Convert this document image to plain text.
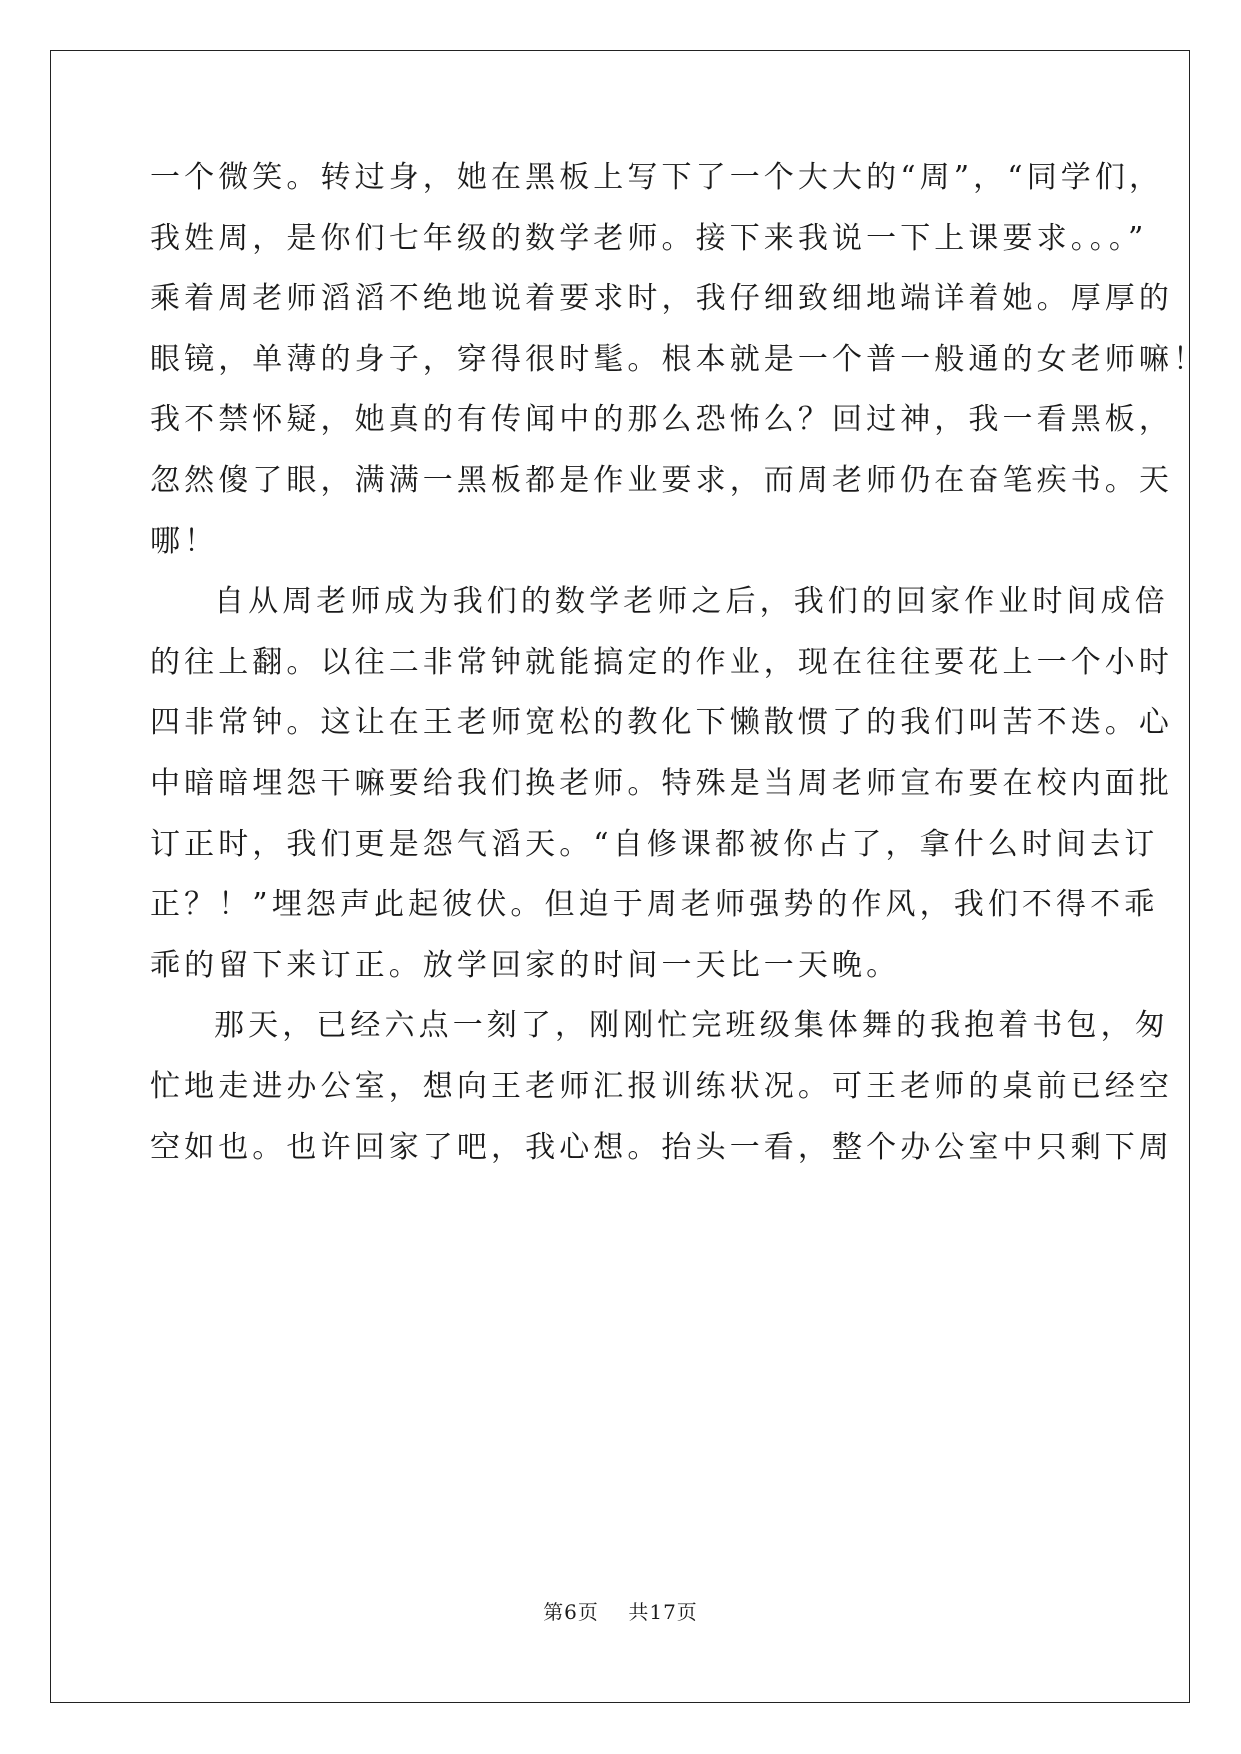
一个微笑。转过身，她在黑板上写下了一个大大的“周”，“同学们，
我姓周，是你们七年级的数学老师。接下来我说一下上课要求。。。”
乘着周老师滔滔不绝地说着要求时，我仔细致细地端详着她。厚厚的
眼镜，单薄的身子，穿得很时髦。根本就是一个普一般通的女老师嘛！
我不禁怀疑，她真的有传闻中的那么恐怖么？回过神，我一看黑板，
忽然傻了眼，满满一黑板都是作业要求，而周老师仍在奋笔疾书。天
哪！
自从周老师成为我们的数学老师之后，我们的回家作业时间成倍
的往上翻。以往二非常钟就能搞定的作业，现在往往要花上一个小时
四非常钟。这让在王老师宽松的教化下懒散惯了的我们叫苦不迭。心
中暗暗埋怨干嘛要给我们换老师。特殊是当周老师宣布要在校内面批
订正时，我们更是怨气滔天。“自修课都被你占了，拿什么时间去订
正？！”埋怨声此起彼伏。但迫于周老师强势的作风，我们不得不乖
乖的留下来订正。放学回家的时间一天比一天晚。
那天，已经六点一刻了，刚刚忙完班级集体舞的我抱着书包，匆
忙地走进办公室，想向王老师汇报训练状况。可王老师的桌前已经空
空如也。也许回家了吧，我心想。抬头一看，整个办公室中只剩下周
第6页 共17页
